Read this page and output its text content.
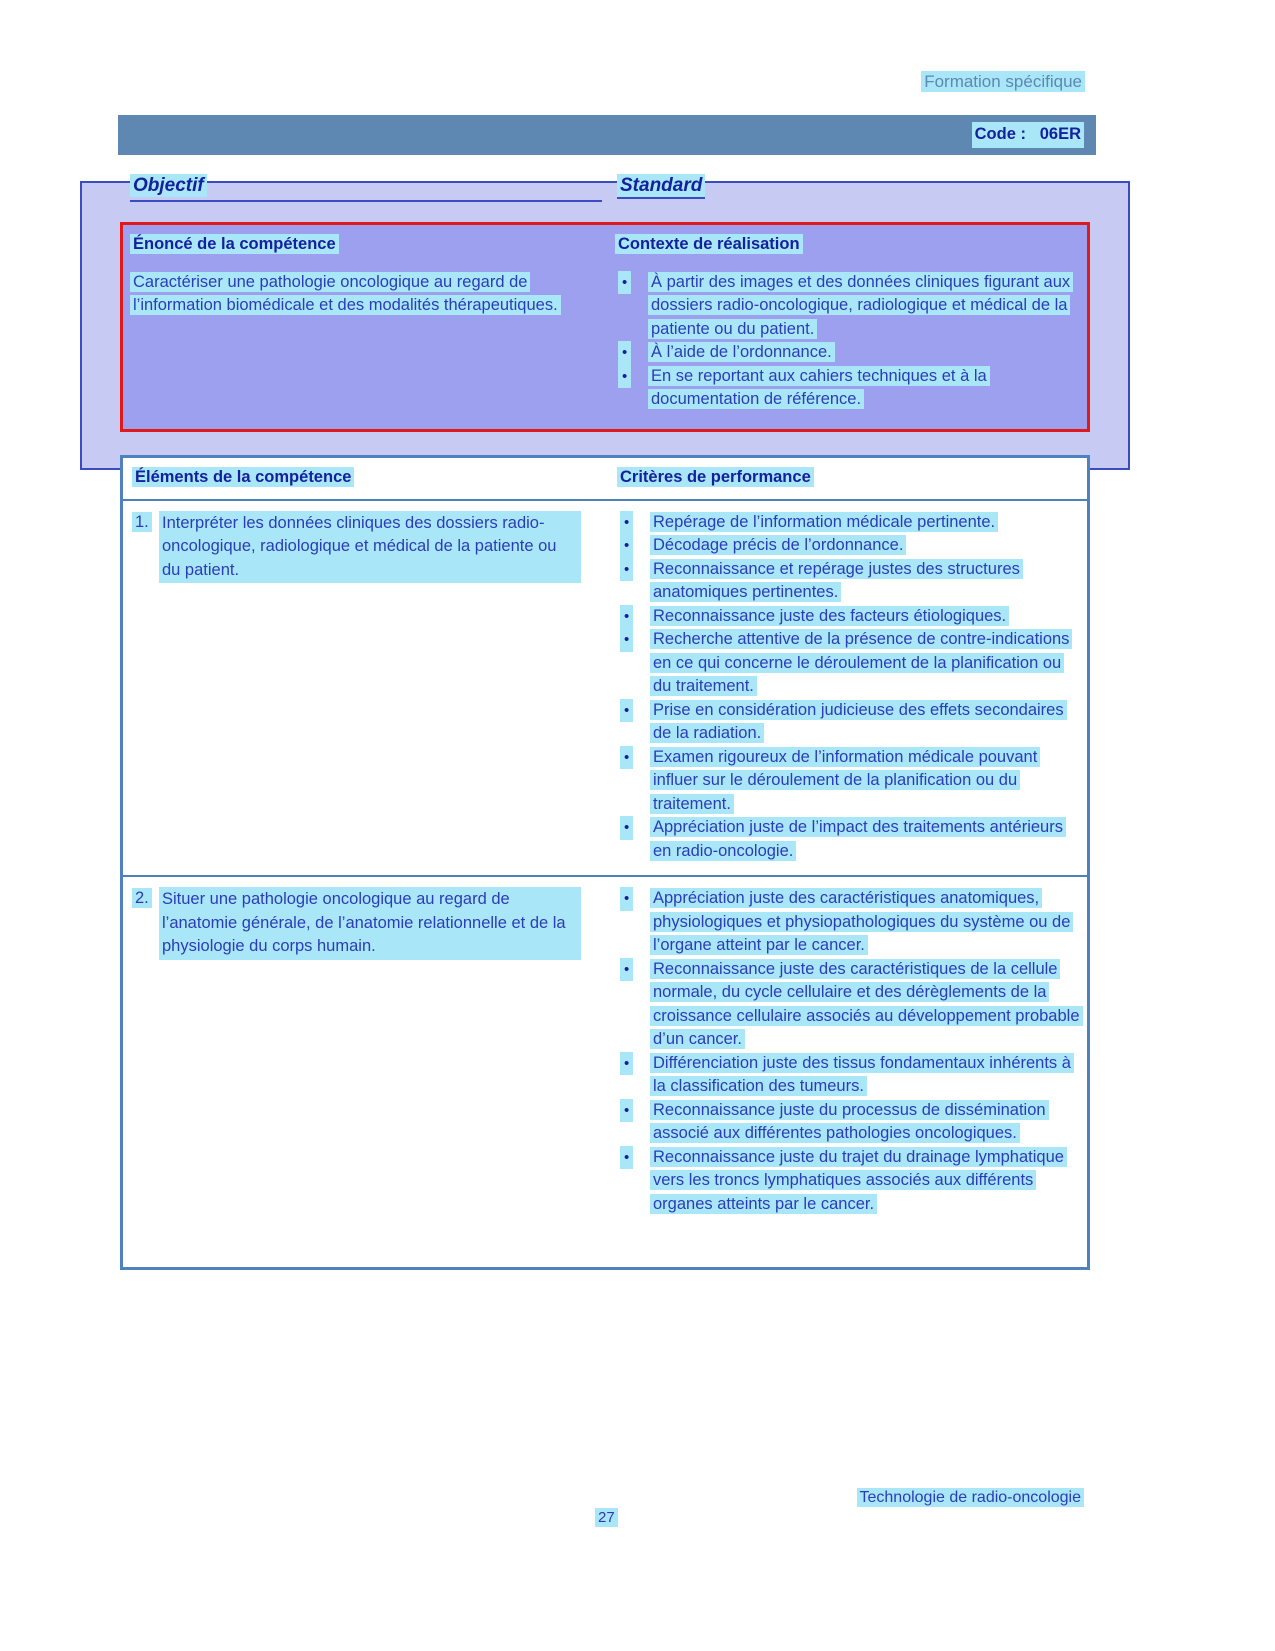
Formation spécifique
Code :   06ER
Objectif	Standard
Énoncé de la compétence
Caractériser une pathologie oncologique au regard de l’information biomédicale et des modalités thérapeutiques.
Contexte de réalisation
• À partir des images et des données cliniques figurant aux dossiers radio-oncologique, radiologique et médical de la patiente ou du patient.
• À l’aide de l’ordonnance.
• En se reportant aux cahiers techniques et à la documentation de référence.
Éléments de la compétence	Critères de performance
1. Interpréter les données cliniques des dossiers radio-oncologique, radiologique et médical de la patiente ou du patient.
• Repérage de l’information médicale pertinente.
• Décodage précis de l’ordonnance.
• Reconnaissance et repérage justes des structures anatomiques pertinentes.
• Reconnaissance juste des facteurs étiologiques.
• Recherche attentive de la présence de contre-indications en ce qui concerne le déroulement de la planification ou du traitement.
• Prise en considération judicieuse des effets secondaires de la radiation.
• Examen rigoureux de l’information médicale pouvant influer sur le déroulement de la planification ou du traitement.
• Appréciation juste de l’impact des traitements antérieurs en radio-oncologie.
2. Situer une pathologie oncologique au regard de l’anatomie générale, de l’anatomie relationnelle et de la physiologie du corps humain.
• Appréciation juste des caractéristiques anatomiques, physiologiques et physiopathologiques du système ou de l’organe atteint par le cancer.
• Reconnaissance juste des caractéristiques de la cellule normale, du cycle cellulaire et des dérèglements de la croissance cellulaire associés au développement probable d’un cancer.
• Différenciation juste des tissus fondamentaux inhérents à la classification des tumeurs.
• Reconnaissance juste du processus de dissémination associé aux différentes pathologies oncologiques.
• Reconnaissance juste du trajet du drainage lymphatique vers les troncs lymphatiques associés aux différents organes atteints par le cancer.
Technologie de radio-oncologie
27
